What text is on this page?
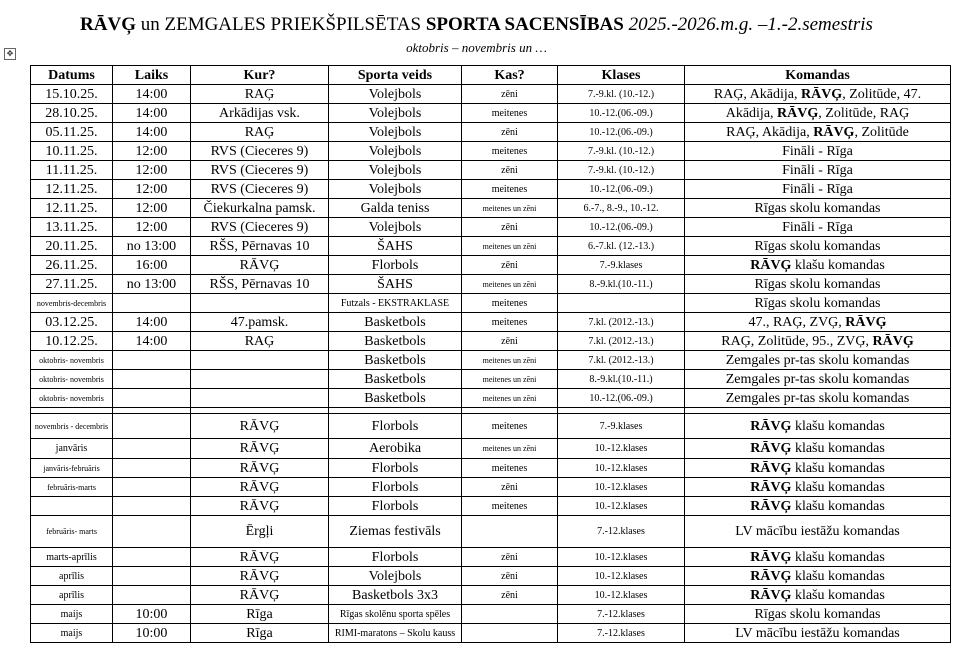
RĀVĢ un ZEMGALES PRIEKŠPILSĒTAS SPORTA SACENSĪBAS 2025.-2026.m.g. –1.-2.semestris
oktobris – novembris un …
✥
Datums	Laiks	Kur?	Sporta veids	Kas?	Klases	Komandas
15.10.25.	14:00	RAĢ	Volejbols	zēni	7.-9.kl. (10.-12.)	RAĢ, Akādija, RĀVĢ, Zolitūde, 47.
28.10.25.	14:00	Arkādijas vsk.	Volejbols	meitenes	10.-12.(06.-09.)	Akādija, RĀVĢ, Zolitūde, RAĢ
05.11.25.	14:00	RAĢ	Volejbols	zēni	10.-12.(06.-09.)	RAĢ, Akādija, RĀVĢ, Zolitūde
10.11.25.	12:00	RVS (Cieceres 9)	Volejbols	meitenes	7.-9.kl. (10.-12.)	Fināli - Rīga
11.11.25.	12:00	RVS (Cieceres 9)	Volejbols	zēni	7.-9.kl. (10.-12.)	Fināli - Rīga
12.11.25.	12:00	RVS (Cieceres 9)	Volejbols	meitenes	10.-12.(06.-09.)	Fināli - Rīga
12.11.25.	12:00	Čiekurkalna pamsk.	Galda teniss	meitenes un zēni	6.-7., 8.-9., 10.-12.	Rīgas skolu komandas
13.11.25.	12:00	RVS (Cieceres 9)	Volejbols	zēni	10.-12.(06.-09.)	Fināli - Rīga
20.11.25.	no 13:00	RŠS, Pērnavas 10	ŠAHS	meitenes un zēni	6.-7.kl. (12.-13.)	Rīgas skolu komandas
26.11.25.	16:00	RĀVĢ	Florbols	zēni	7.-9.klases	RĀVĢ klašu komandas
27.11.25.	no 13:00	RŠS, Pērnavas 10	ŠAHS	meitenes un zēni	8.-9.kl.(10.-11.)	Rīgas skolu komandas
novembris-decembris			Futzals - EKSTRAKLASE	meitenes		Rīgas skolu komandas
03.12.25.	14:00	47.pamsk.	Basketbols	meitenes	7.kl. (2012.-13.)	47., RAĢ, ZVĢ, RĀVĢ
10.12.25.	14:00	RAĢ	Basketbols	zēni	7.kl. (2012.-13.)	RAĢ, Zolitūde, 95., ZVĢ, RĀVĢ
oktobris- novembris			Basketbols	meitenes un zēni	7.kl. (2012.-13.)	Zemgales pr-tas skolu komandas
oktobris- novembris			Basketbols	meitenes un zēni	8.-9.kl.(10.-11.)	Zemgales pr-tas skolu komandas
oktobris- novembris			Basketbols	meitenes un zēni	10.-12.(06.-09.)	Zemgales pr-tas skolu komandas

novembris - decembris		RĀVĢ	Florbols	meitenes	7.-9.klases	RĀVĢ klašu komandas
janvāris		RĀVĢ	Aerobika	meitenes un zēni	10.-12.klases	RĀVĢ klašu komandas
janvāris-februāris		RĀVĢ	Florbols	meitenes	10.-12.klases	RĀVĢ klašu komandas
februāris-marts		RĀVĢ	Florbols	zēni	10.-12.klases	RĀVĢ klašu komandas
		RĀVĢ	Florbols	meitenes	10.-12.klases	RĀVĢ klašu komandas
februāris- marts		Ērgļi	Ziemas festivāls		7.-12.klases	LV mācību iestāžu komandas
marts-aprīlis		RĀVĢ	Florbols	zēni	10.-12.klases	RĀVĢ klašu komandas
aprīlis		RĀVĢ	Volejbols	zēni	10.-12.klases	RĀVĢ klašu komandas
aprīlis		RĀVĢ	Basketbols 3x3	zēni	10.-12.klases	RĀVĢ klašu komandas
maijs	10:00	Rīga	Rīgas skolēnu sporta spēles		7.-12.klases	Rīgas skolu komandas
maijs	10:00	Rīga	RIMI-maratons – Skolu kauss		7.-12.klases	LV mācību iestāžu komandas
